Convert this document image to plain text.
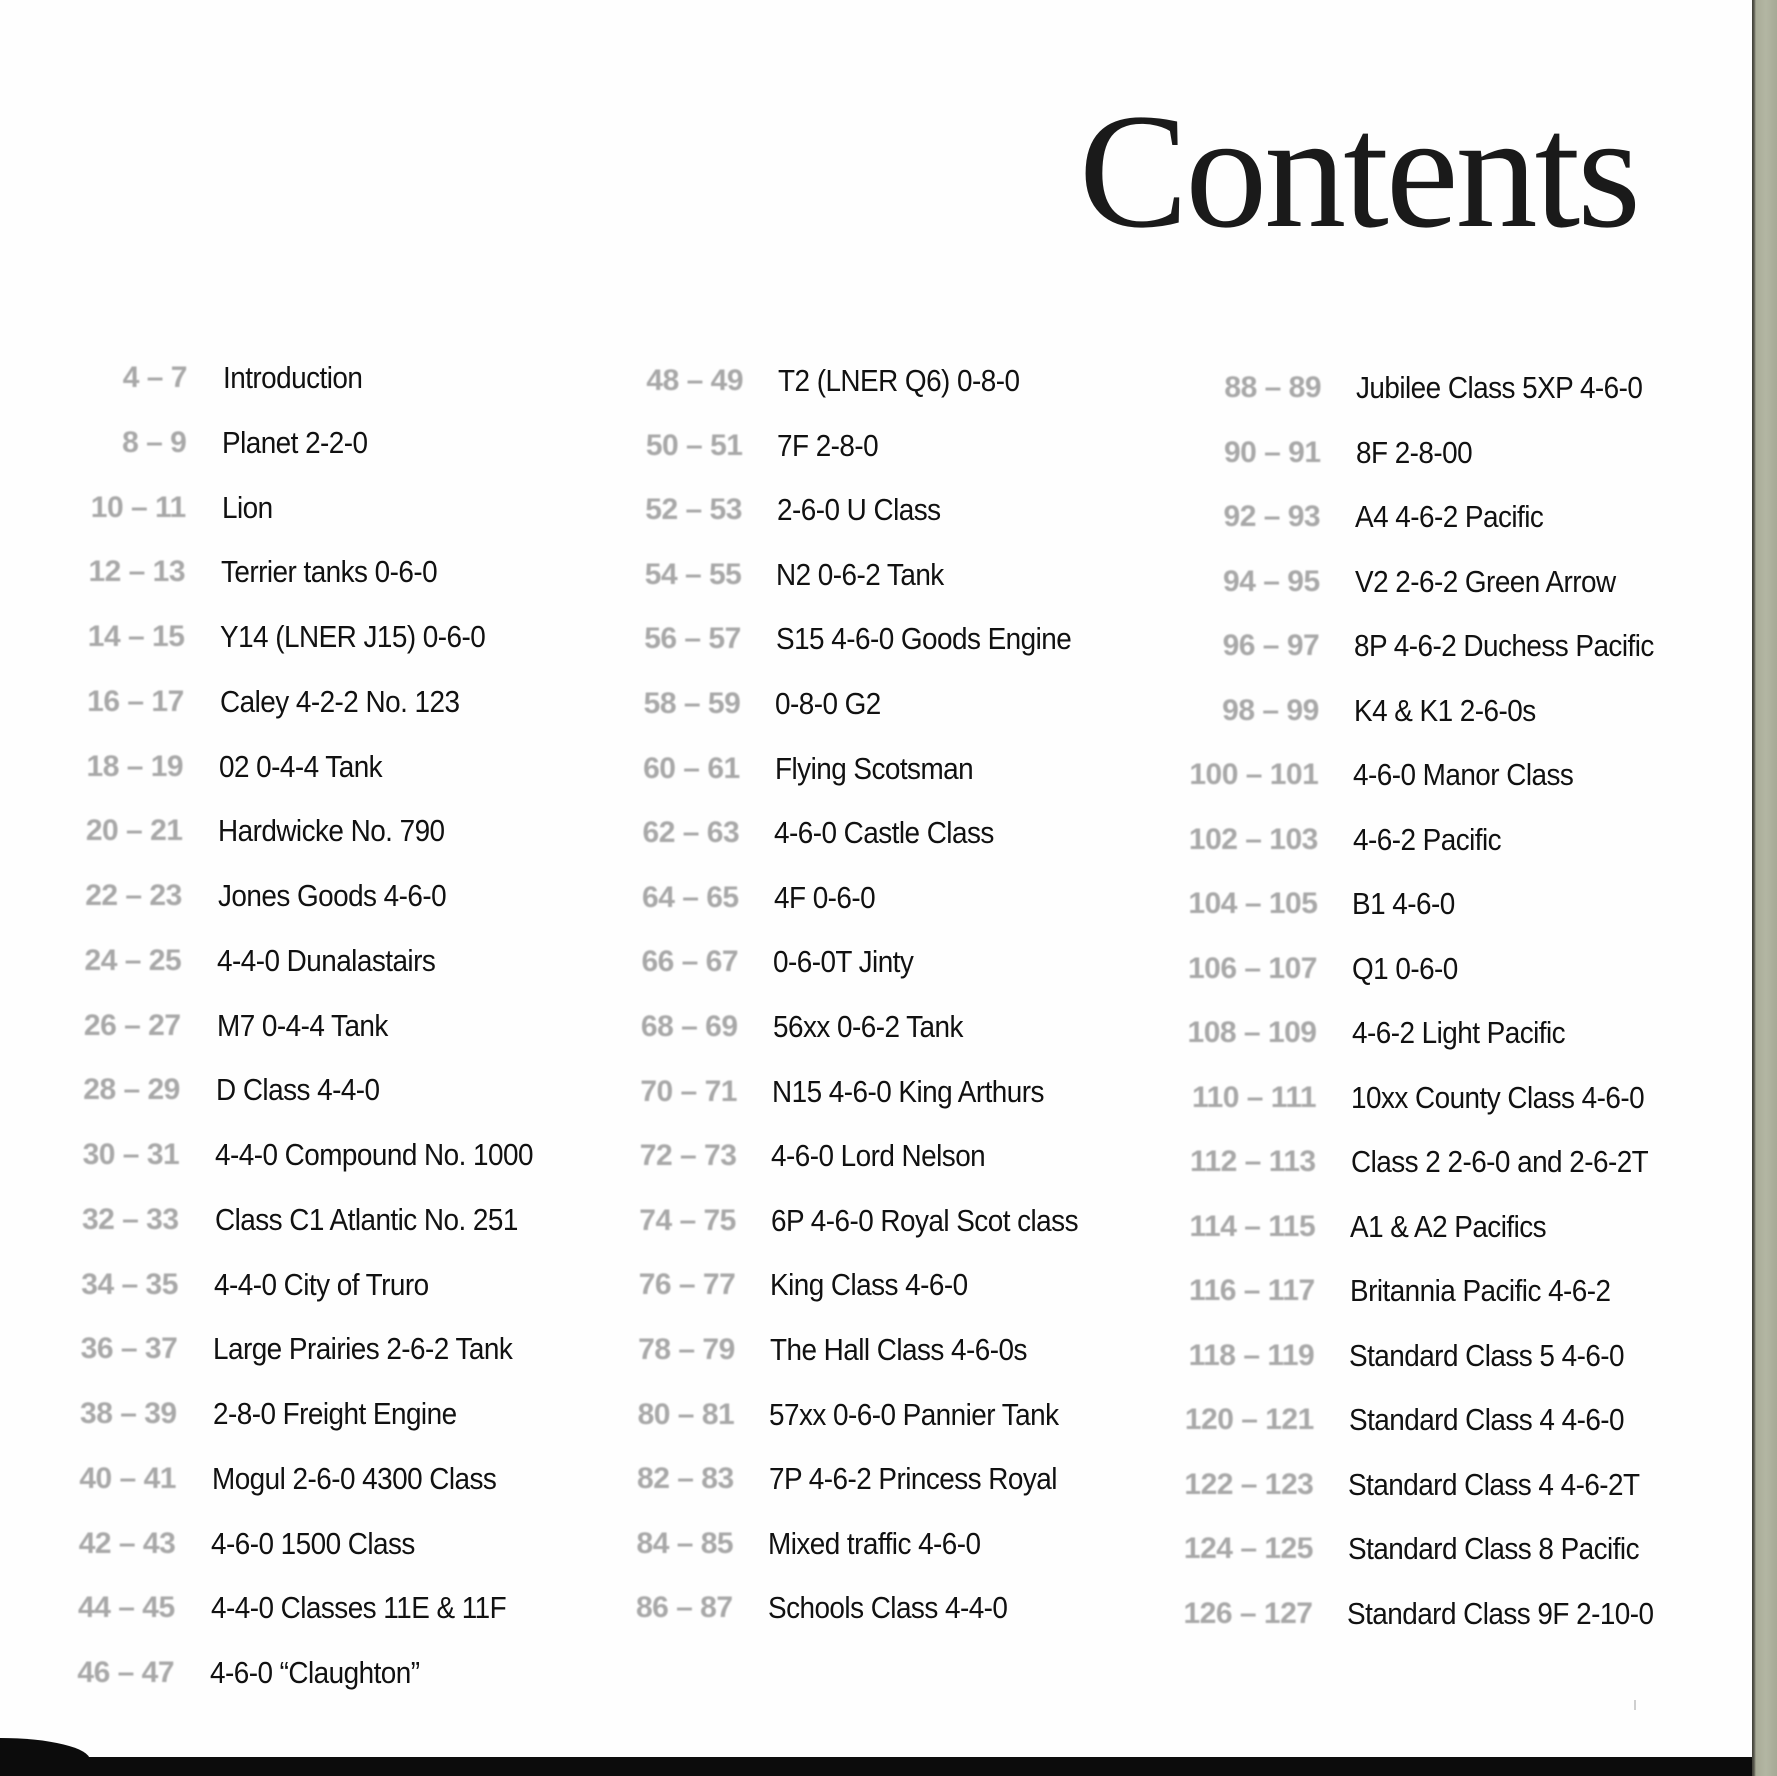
Contents
4 – 7 Introduction
8 – 9 Planet 2-2-0
10 – 11 Lion
12 – 13 Terrier tanks 0-6-0
14 – 15 Y14 (LNER J15) 0-6-0
16 – 17 Caley 4-2-2 No. 123
18 – 19 02 0-4-4 Tank
20 – 21 Hardwicke No. 790
22 – 23 Jones Goods 4-6-0
24 – 25 4-4-0 Dunalastairs
26 – 27 M7 0-4-4 Tank
28 – 29 D Class 4-4-0
30 – 31 4-4-0 Compound No. 1000
32 – 33 Class C1 Atlantic No. 251
34 – 35 4-4-0 City of Truro
36 – 37 Large Prairies 2-6-2 Tank
38 – 39 2-8-0 Freight Engine
40 – 41 Mogul 2-6-0 4300 Class
42 – 43 4-6-0 1500 Class
44 – 45 4-4-0 Classes 11E & 11F
46 – 47 4-6-0 “Claughton”
48 – 49 T2 (LNER Q6) 0-8-0
50 – 51 7F 2-8-0
52 – 53 2-6-0 U Class
54 – 55 N2 0-6-2 Tank
56 – 57 S15 4-6-0 Goods Engine
58 – 59 0-8-0 G2
60 – 61 Flying Scotsman
62 – 63 4-6-0 Castle Class
64 – 65 4F 0-6-0
66 – 67 0-6-0T Jinty
68 – 69 56xx 0-6-2 Tank
70 – 71 N15 4-6-0 King Arthurs
72 – 73 4-6-0 Lord Nelson
74 – 75 6P 4-6-0 Royal Scot class
76 – 77 King Class 4-6-0
78 – 79 The Hall Class 4-6-0s
80 – 81 57xx 0-6-0 Pannier Tank
82 – 83 7P 4-6-2 Princess Royal
84 – 85 Mixed traffic 4-6-0
86 – 87 Schools Class 4-4-0
88 – 89 Jubilee Class 5XP 4-6-0
90 – 91 8F 2-8-00
92 – 93 A4 4-6-2 Pacific
94 – 95 V2 2-6-2 Green Arrow
96 – 97 8P 4-6-2 Duchess Pacific
98 – 99 K4 & K1 2-6-0s
100 – 101 4-6-0 Manor Class
102 – 103 4-6-2 Pacific
104 – 105 B1 4-6-0
106 – 107 Q1 0-6-0
108 – 109 4-6-2 Light Pacific
110 – 111 10xx County Class 4-6-0
112 – 113 Class 2 2-6-0 and 2-6-2T
114 – 115 A1 & A2 Pacifics
116 – 117 Britannia Pacific 4-6-2
118 – 119 Standard Class 5 4-6-0
120 – 121 Standard Class 4 4-6-0
122 – 123 Standard Class 4 4-6-2T
124 – 125 Standard Class 8 Pacific
126 – 127 Standard Class 9F 2-10-0
